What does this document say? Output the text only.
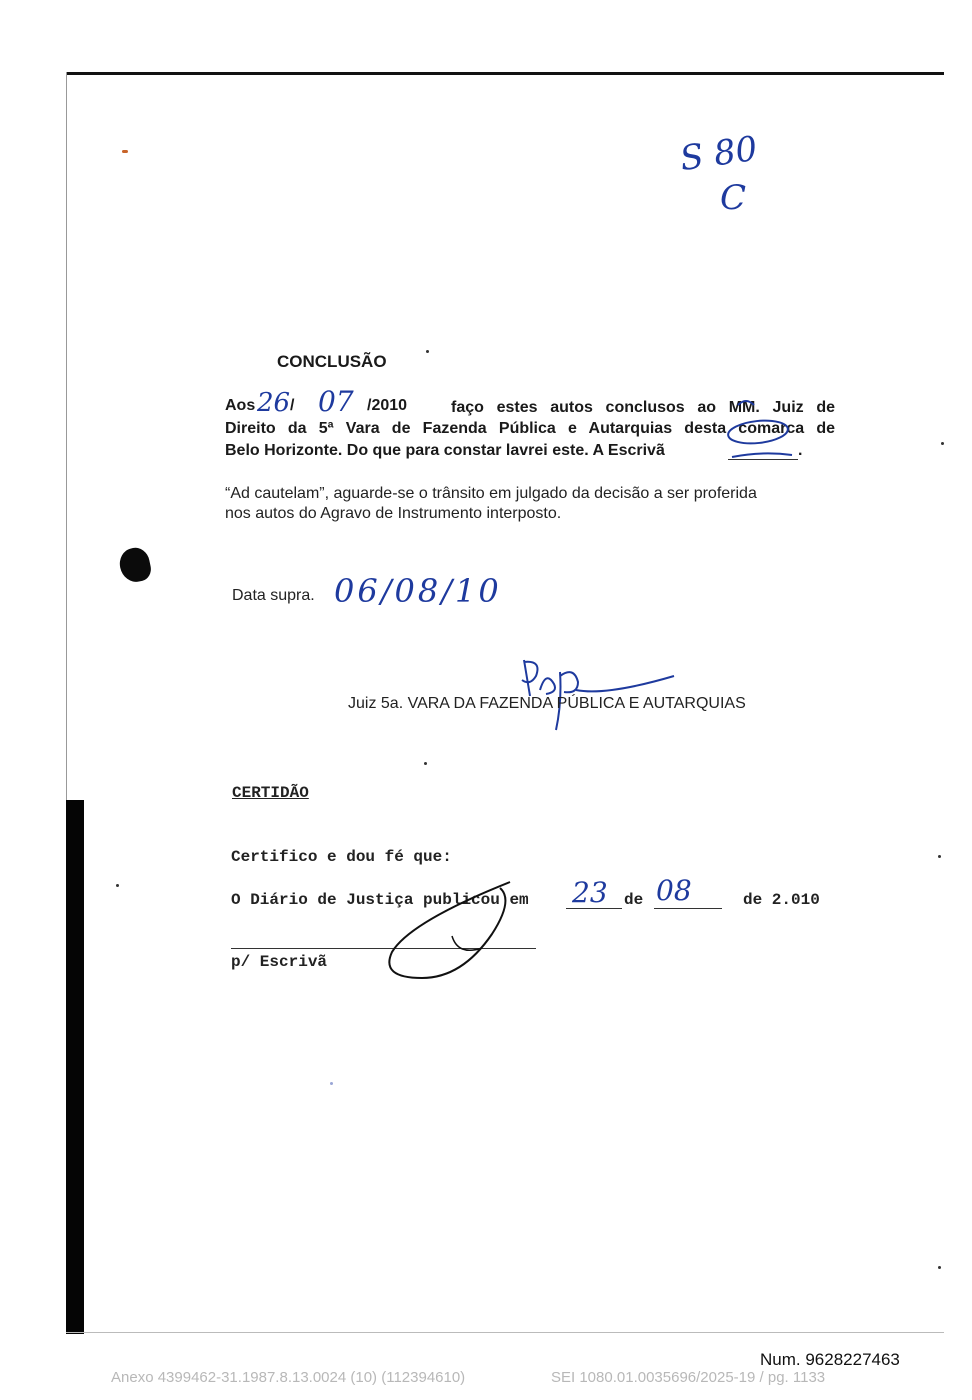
S 80
C
CONCLUSÃO
Aos 26 / 07 /2010	faço estes autos conclusos ao MM. Juiz de
Direito da 5ª Vara de Fazenda Pública e Autarquias desta comarca de
Belo Horizonte. Do que para constar lavrei este. A Escrivã	.
“Ad cautelam”, aguarde-se o trânsito em julgado da decisão a ser proferida
nos autos do Agravo de Instrumento interposto.
Data supra. 06/08/10
Juiz 5a. VARA DA FAZENDA PÚBLICA E AUTARQUIAS
CERTIDÃO
Certifico e dou fé que:
O Diário de Justiça publicou em 23 de 08	de 2.010
p/ Escrivã
Num. 9628227463
Anexo 4399462-31.1987.8.13.0024 (10) (112394610)	SEI 1080.01.0035696/2025-19 / pg. 1133
